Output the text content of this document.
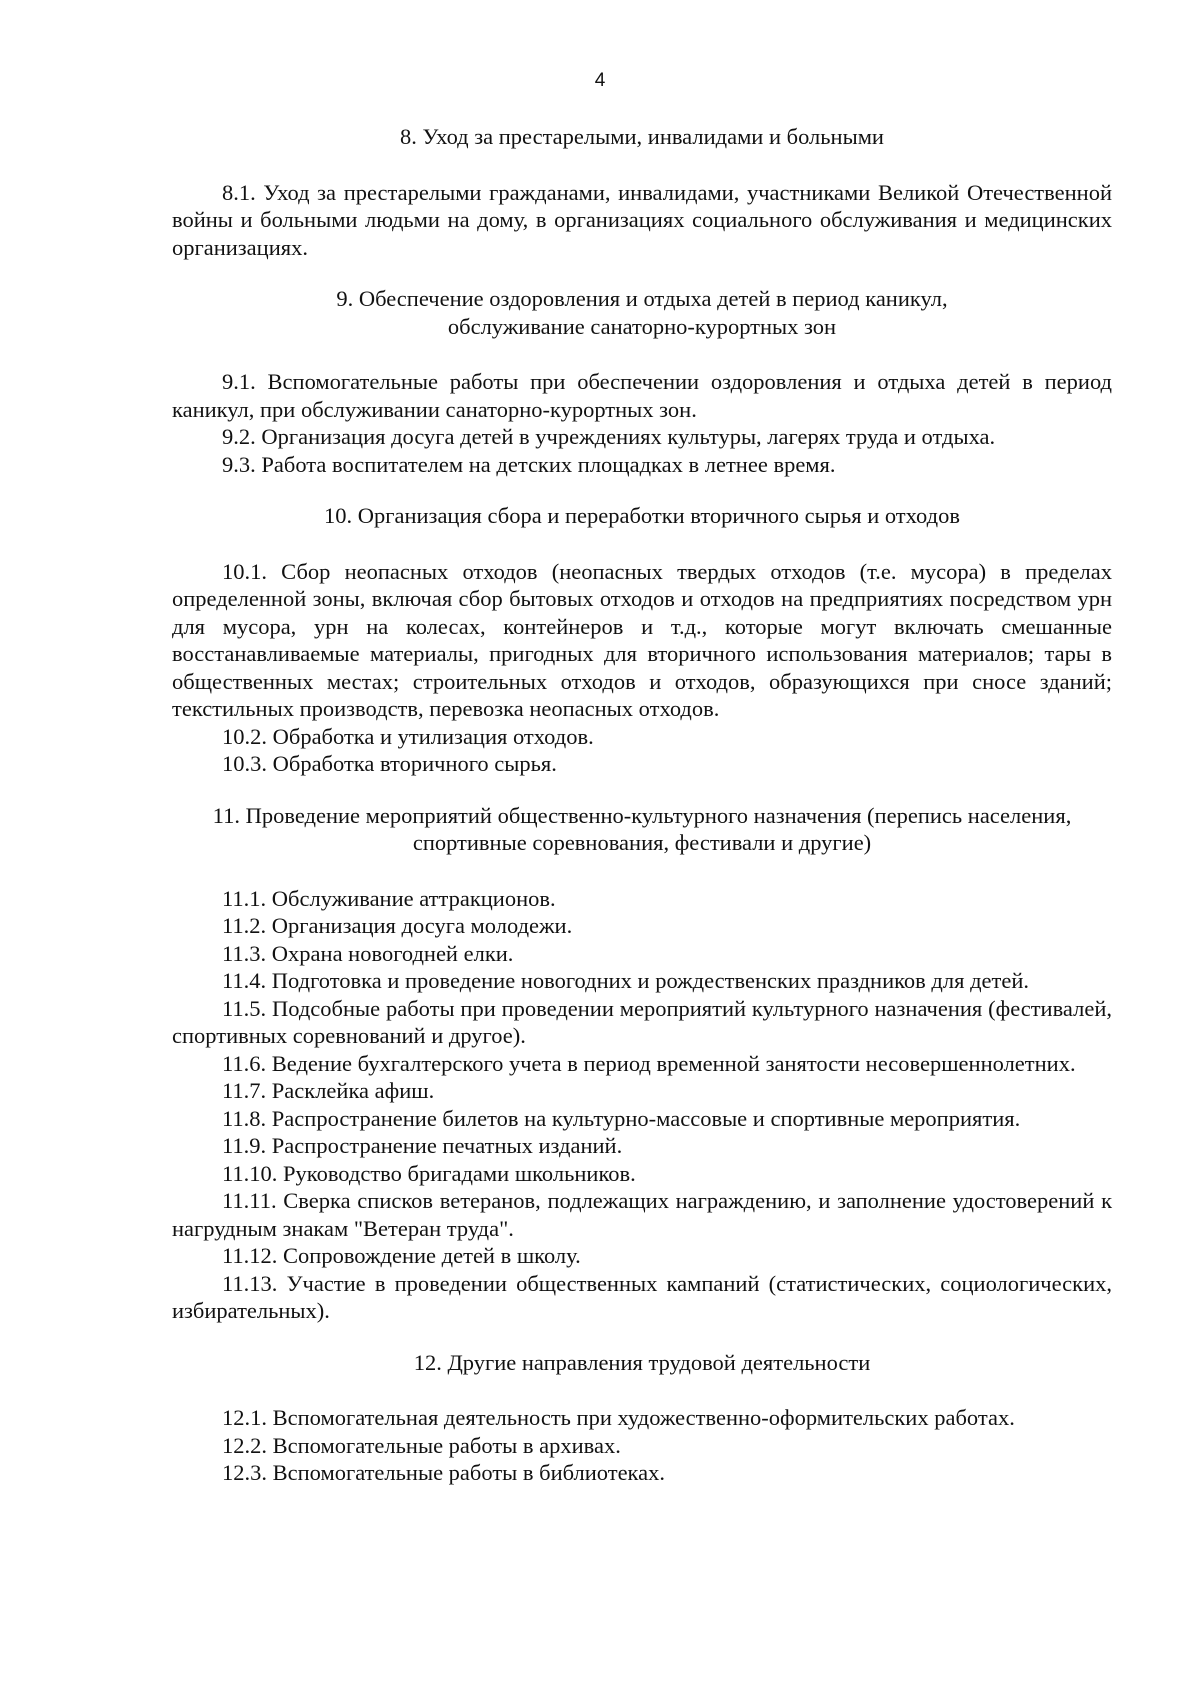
4

8. Уход за престарелыми, инвалидами и больными

8.1. Уход за престарелыми гражданами, инвалидами, участниками Великой Отечественной войны и больными людьми на дому, в организациях социального обслуживания и медицинских организациях.

9. Обеспечение оздоровления и отдыха детей в период каникул,
обслуживание санаторно-курортных зон

9.1. Вспомогательные работы при обеспечении оздоровления и отдыха детей в период каникул, при обслуживании санаторно-курортных зон.

9.2. Организация досуга детей в учреждениях культуры, лагерях труда и отдыха.

9.3. Работа воспитателем на детских площадках в летнее время.

10. Организация сбора и переработки вторичного сырья и отходов

10.1. Сбор неопасных отходов (неопасных твердых отходов (т.е. мусора) в пределах определенной зоны, включая сбор бытовых отходов и отходов на предприятиях посредством урн для мусора, урн на колесах, контейнеров и т.д., которые могут включать смешанные восстанавливаемые материалы, пригодных для вторичного использования материалов; тары в общественных местах; строительных отходов и отходов, образующихся при сносе зданий; текстильных производств, перевозка неопасных отходов.

10.2. Обработка и утилизация отходов.

10.3. Обработка вторичного сырья.

11. Проведение мероприятий общественно-культурного назначения (перепись населения,
спортивные соревнования, фестивали и другие)

11.1. Обслуживание аттракционов.

11.2. Организация досуга молодежи.

11.3. Охрана новогодней елки.

11.4. Подготовка и проведение новогодних и рождественских праздников для детей.

11.5. Подсобные работы при проведении мероприятий культурного назначения (фестивалей, спортивных соревнований и другое).

11.6. Ведение бухгалтерского учета в период временной занятости несовершеннолетних.

11.7. Расклейка афиш.

11.8. Распространение билетов на культурно-массовые и спортивные мероприятия.

11.9. Распространение печатных изданий.

11.10. Руководство бригадами школьников.

11.11. Сверка списков ветеранов, подлежащих награждению, и заполнение удостоверений к нагрудным знакам "Ветеран труда".

11.12. Сопровождение детей в школу.

11.13. Участие в проведении общественных кампаний (статистических, социологических, избирательных).

12. Другие направления трудовой деятельности

12.1. Вспомогательная деятельность при художественно-оформительских работах.

12.2. Вспомогательные работы в архивах.

12.3. Вспомогательные работы в библиотеках.
